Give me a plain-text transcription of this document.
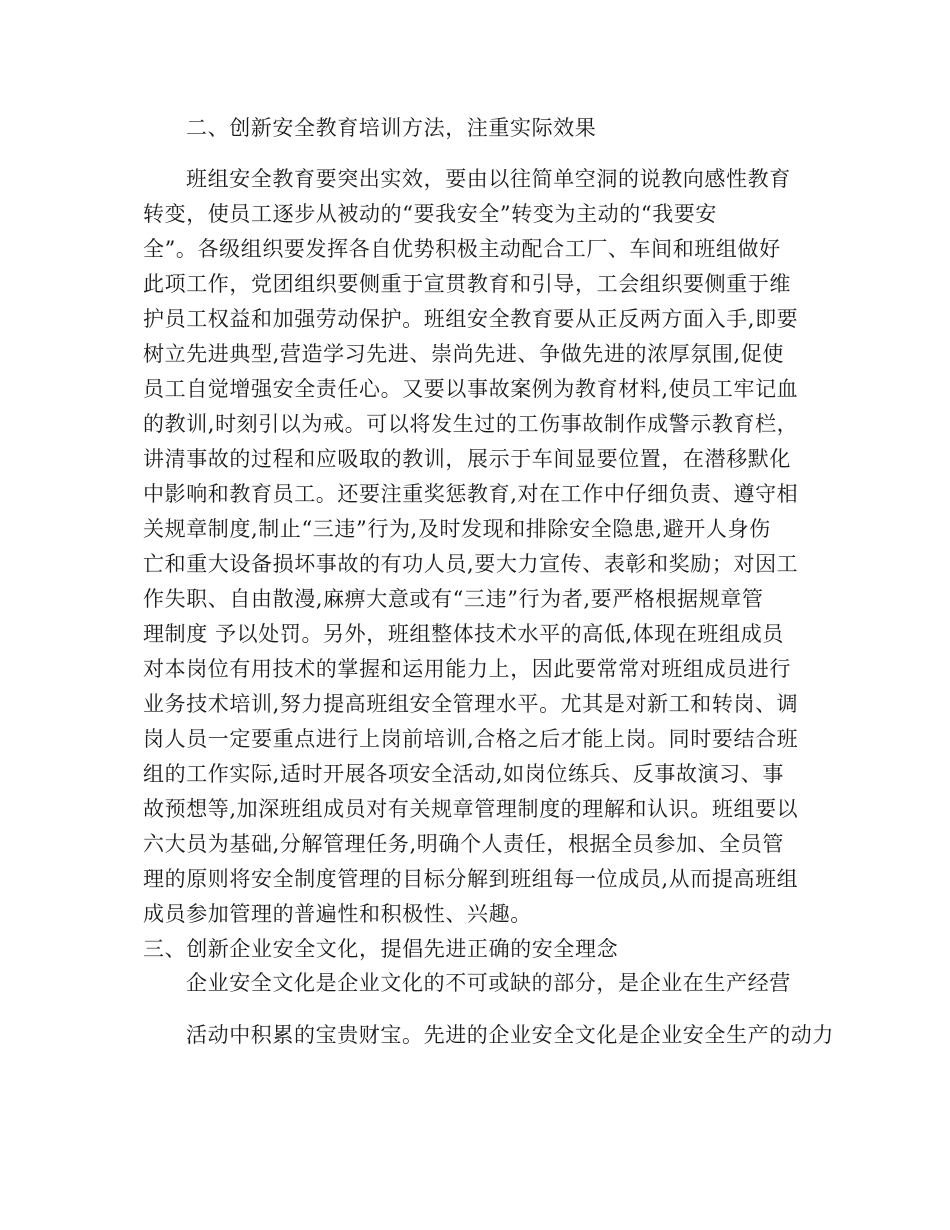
二、创新安全教育培训方法，注重实际效果
班组安全教育要突出实效，要由以往简单空洞的说教向感性教育
转变，使员工逐步从被动的“要我安全”转变为主动的“我要安
全”。各级组织要发挥各自优势积极主动配合工厂、车间和班组做好
此项工作，党团组织要侧重于宣贯教育和引导，工会组织要侧重于维
护员工权益和加强劳动保护。班组安全教育要从正反两方面入手,即要
树立先进典型,营造学习先进、崇尚先进、争做先进的浓厚氛围,促使
员工自觉增强安全责任心。又要以事故案例为教育材料,使员工牢记血
的教训,时刻引以为戒。可以将发生过的工伤事故制作成警示教育栏，
讲清事故的过程和应吸取的教训，展示于车间显要位置，在潜移默化
中影响和教育员工。还要注重奖惩教育,对在工作中仔细负责、遵守相
关规章制度,制止“三违”行为,及时发现和排除安全隐患,避开人身伤
亡和重大设备损坏事故的有功人员,要大力宣传、表彰和奖励；对因工
作失职、自由散漫,麻痹大意或有“三违”行为者,要严格根据规章管
理制度 予以处罚。另外，班组整体技术水平的高低,体现在班组成员
对本岗位有用技术的掌握和运用能力上，因此要常常对班组成员进行
业务技术培训,努力提高班组安全管理水平。尤其是对新工和转岗、调
岗人员一定要重点进行上岗前培训,合格之后才能上岗。同时要结合班
组的工作实际,适时开展各项安全活动,如岗位练兵、反事故演习、事
故预想等,加深班组成员对有关规章管理制度的理解和认识。班组要以
六大员为基础,分解管理任务,明确个人责任，根据全员参加、全员管
理的原则将安全制度管理的目标分解到班组每一位成员,从而提高班组
成员参加管理的普遍性和积极性、兴趣。
三、创新企业安全文化，提倡先进正确的安全理念
企业安全文化是企业文化的不可或缺的部分，是企业在生产经营
活动中积累的宝贵财宝。先进的企业安全文化是企业安全生产的动力
